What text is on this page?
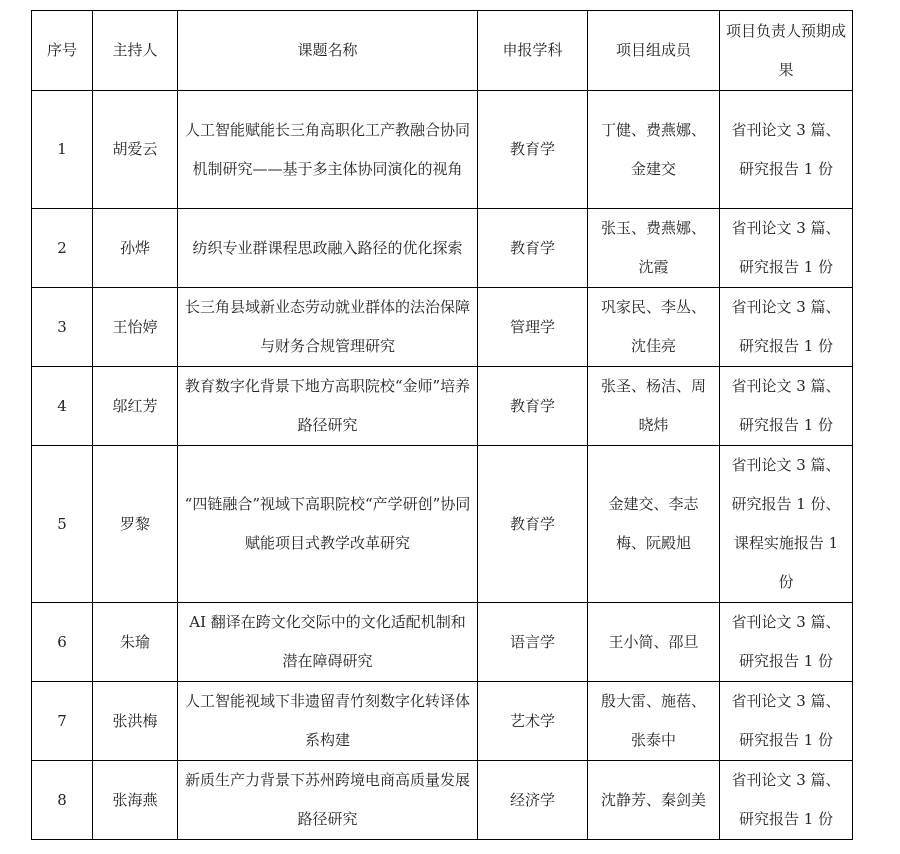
序号	主持人	课题名称	申报学科	项目组成员	项目负责人预期成果
1	胡爱云	人工智能赋能长三角高职化工产教融合协同机制研究——基于多主体协同演化的视角	教育学	丁健、费燕娜、金建交	省刊论文 3 篇、研究报告 1 份
2	孙烨	纺织专业群课程思政融入路径的优化探索	教育学	张玉、费燕娜、沈霞	省刊论文 3 篇、研究报告 1 份
3	王怡婷	长三角县域新业态劳动就业群体的法治保障与财务合规管理研究	管理学	巩家民、李丛、沈佳亮	省刊论文 3 篇、研究报告 1 份
4	邬红芳	教育数字化背景下地方高职院校“金师”培养路径研究	教育学	张圣、杨洁、周晓炜	省刊论文 3 篇、研究报告 1 份
5	罗黎	“四链融合”视域下高职院校“产学研创”协同赋能项目式教学改革研究	教育学	金建交、李志梅、阮殿旭	省刊论文 3 篇、研究报告 1 份、课程实施报告 1 份
6	朱瑜	AI 翻译在跨文化交际中的文化适配机制和潜在障碍研究	语言学	王小简、邵旦	省刊论文 3 篇、研究报告 1 份
7	张洪梅	人工智能视域下非遗留青竹刻数字化转译体系构建	艺术学	殷大雷、施蓓、张泰中	省刊论文 3 篇、研究报告 1 份
8	张海燕	新质生产力背景下苏州跨境电商高质量发展路径研究	经济学	沈静芳、秦剑美	省刊论文 3 篇、研究报告 1 份
